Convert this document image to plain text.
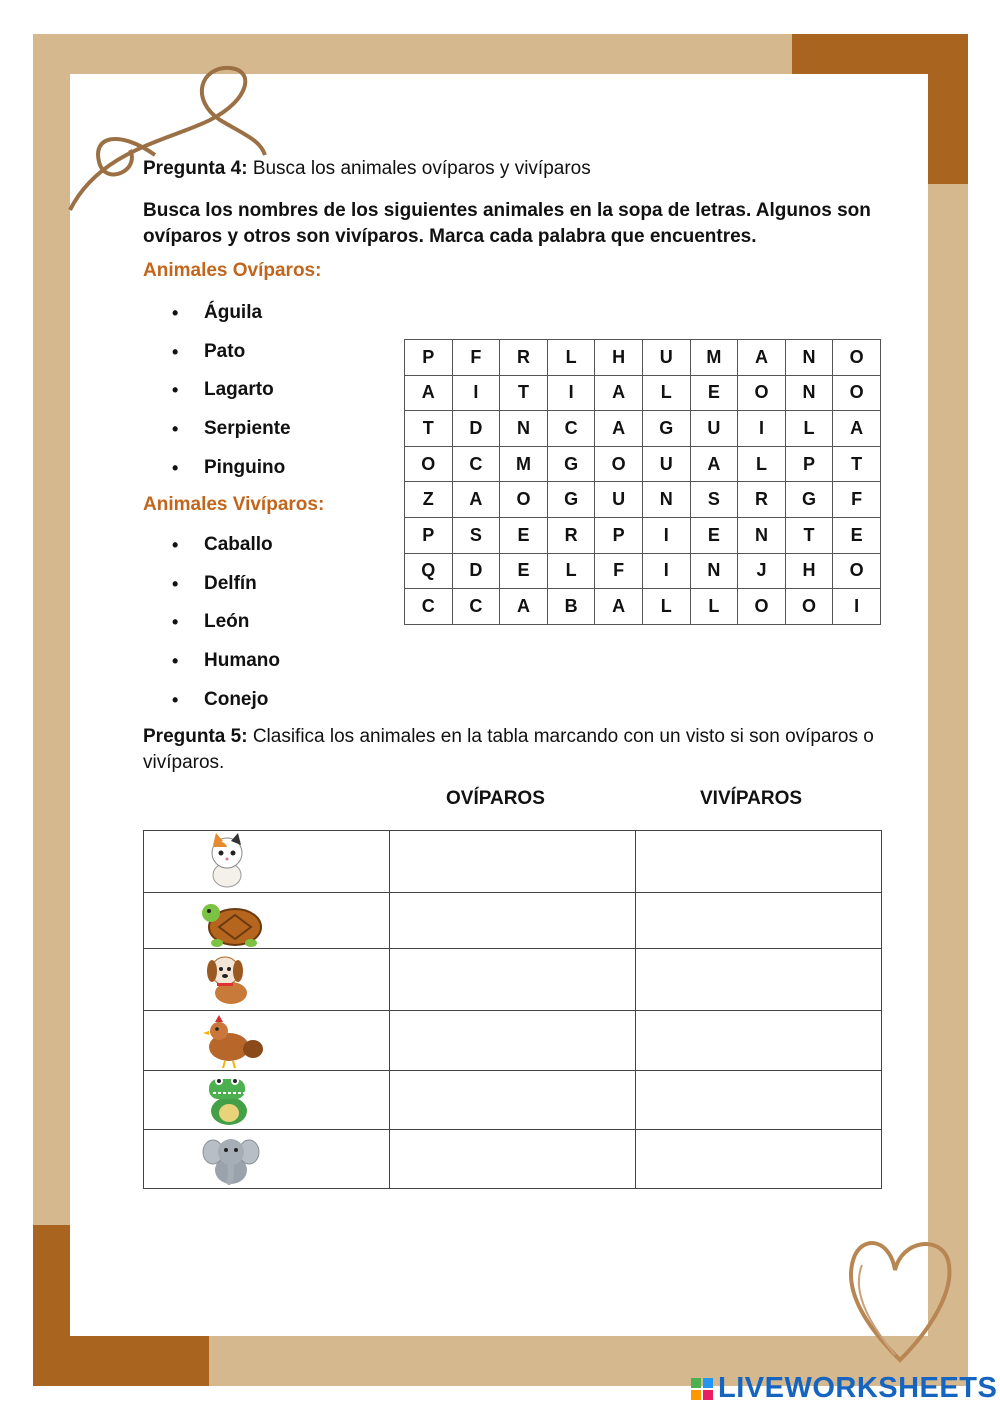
Pregunta 4: Busca los animales ovíparos y vivíparos
Busca los nombres de los siguientes animales en la sopa de letras. Algunos son ovíparos y otros son vivíparos. Marca cada palabra que encuentres.
Animales Ovíparos:
• Águila
• Pato
• Lagarto
• Serpiente
• Pinguino
Animales Vivíparos:
• Caballo
• Delfín
• León
• Humano
• Conejo
P	F	R	L	H	U	M	A	N	O
A	I	T	I	A	L	E	O	N	O
T	D	N	C	A	G	U	I	L	A
O	C	M	G	O	U	A	L	P	T
Z	A	O	G	U	N	S	R	G	F
P	S	E	R	P	I	E	N	T	E
Q	D	E	L	F	I	N	J	H	O
C	C	A	B	A	L	L	O	O	I
Pregunta 5: Clasifica los animales en la tabla marcando con un visto si son ovíparos o vivíparos.
OVÍPAROS	VIVÍPAROS

LIVEWORKSHEETS
